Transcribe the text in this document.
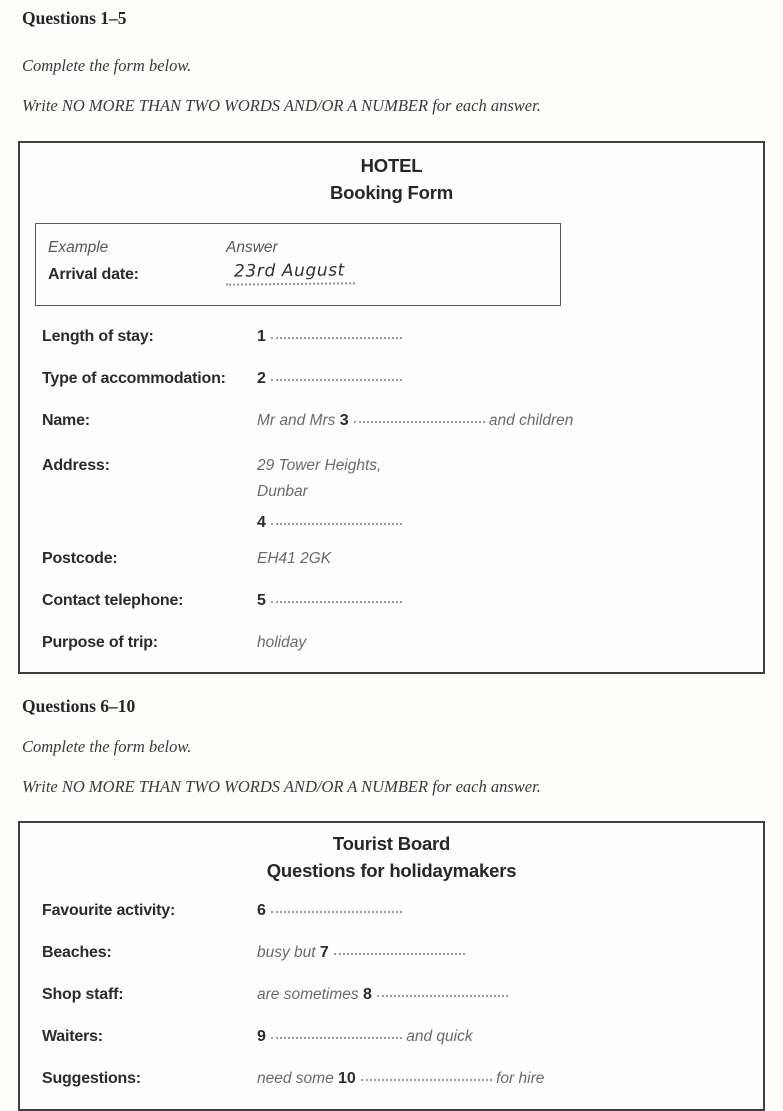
Questions 1–5
Complete the form below.
Write NO MORE THAN TWO WORDS AND/OR A NUMBER for each answer.
HOTEL
Booking Form
Example	Answer
Arrival date:	23rd August
Length of stay:	1
Type of accommodation:	2
Name:	Mr and Mrs 3	and children
Address:	29 Tower Heights,
Dunbar
4
Postcode:	EH41 2GK
Contact telephone:	5
Purpose of trip:	holiday
Questions 6–10
Complete the form below.
Write NO MORE THAN TWO WORDS AND/OR A NUMBER for each answer.
Tourist Board
Questions for holidaymakers
Favourite activity:	6
Beaches:	busy but 7
Shop staff:	are sometimes 8
Waiters:	9	and quick
Suggestions:	need some 10	for hire
